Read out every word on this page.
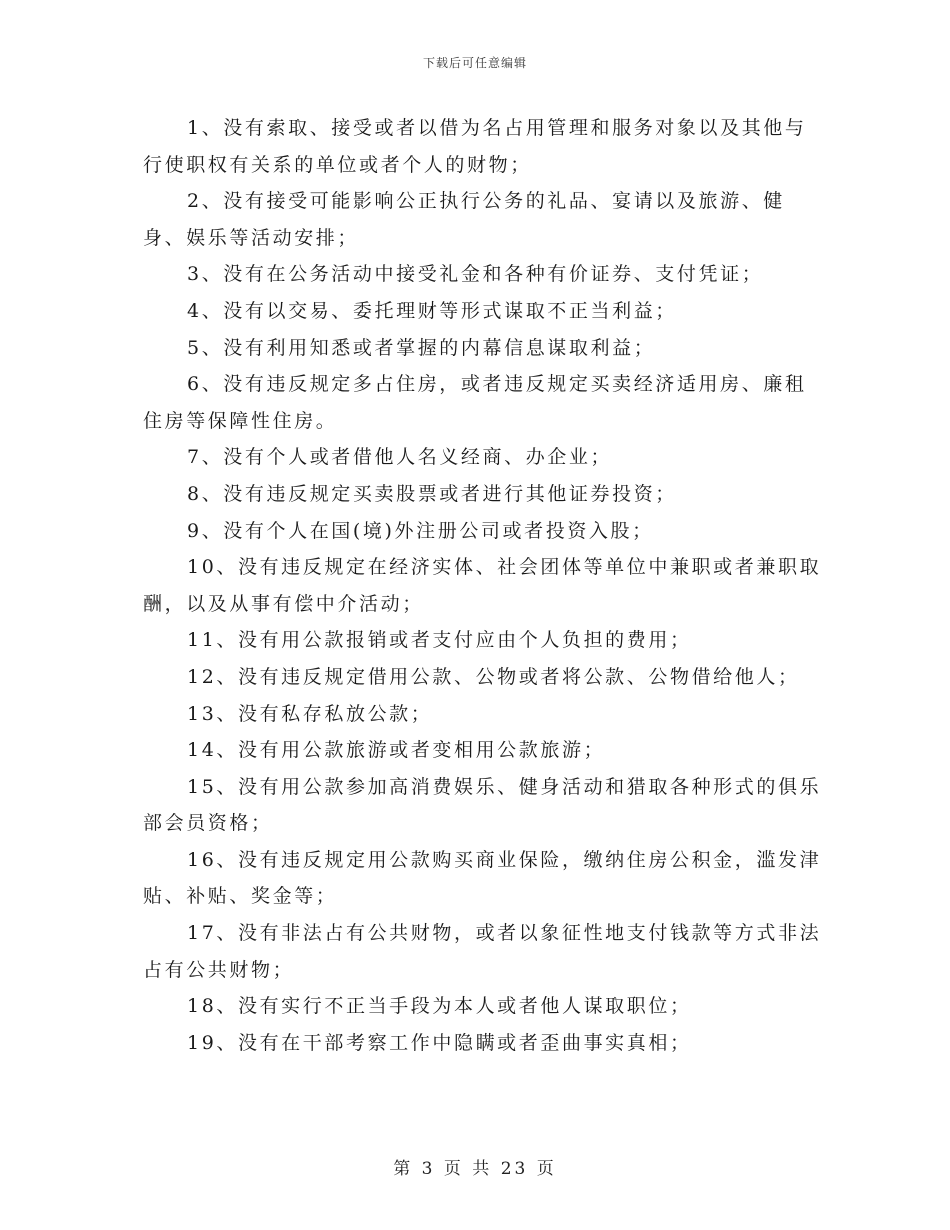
下载后可任意编辑

1、没有索取、接受或者以借为名占用管理和服务对象以及其他与行使职权有关系的单位或者个人的财物；

2、没有接受可能影响公正执行公务的礼品、宴请以及旅游、健身、娱乐等活动安排；

3、没有在公务活动中接受礼金和各种有价证券、支付凭证；

4、没有以交易、委托理财等形式谋取不正当利益；

5、没有利用知悉或者掌握的内幕信息谋取利益；

6、没有违反规定多占住房，或者违反规定买卖经济适用房、廉租住房等保障性住房。

7、没有个人或者借他人名义经商、办企业；

8、没有违反规定买卖股票或者进行其他证券投资；

9、没有个人在国(境)外注册公司或者投资入股；

10、没有违反规定在经济实体、社会团体等单位中兼职或者兼职取酬，以及从事有偿中介活动；

11、没有用公款报销或者支付应由个人负担的费用；

12、没有违反规定借用公款、公物或者将公款、公物借给他人；

13、没有私存私放公款；

14、没有用公款旅游或者变相用公款旅游；

15、没有用公款参加高消费娱乐、健身活动和猎取各种形式的俱乐部会员资格；

16、没有违反规定用公款购买商业保险，缴纳住房公积金，滥发津贴、补贴、奖金等；

17、没有非法占有公共财物，或者以象征性地支付钱款等方式非法占有公共财物；

18、没有实行不正当手段为本人或者他人谋取职位；

19、没有在干部考察工作中隐瞒或者歪曲事实真相；

第 3 页 共 23 页
